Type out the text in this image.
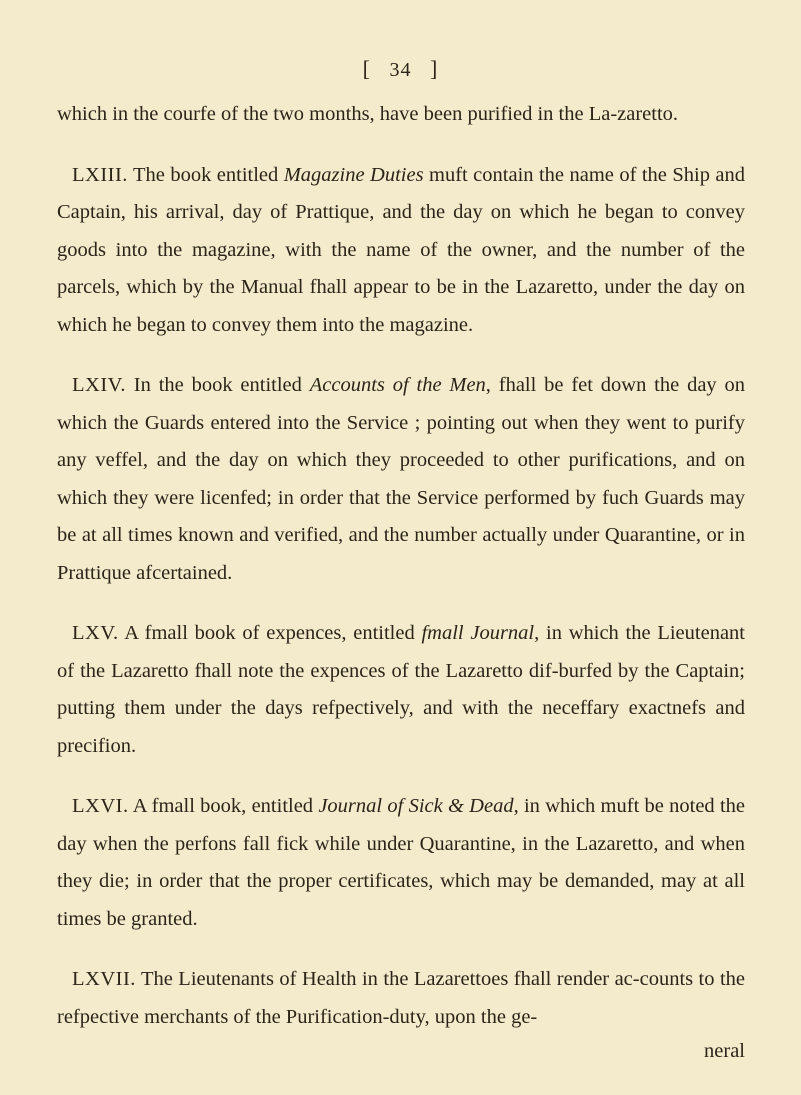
[ 34 ]

which in the courfe of the two months, have been purified in the La-zaretto.

LXIII. The book entitled Magazine Duties muft contain the name of the Ship and Captain, his arrival, day of Prattique, and the day on which he began to convey goods into the magazine, with the name of the owner, and the number of the parcels, which by the Manual fhall appear to be in the Lazaretto, under the day on which he began to convey them into the magazine.

LXIV. In the book entitled Accounts of the Men, fhall be fet down the day on which the Guards entered into the Service ; pointing out when they went to purify any veffel, and the day on which they proceeded to other purifications, and on which they were licenfed; in order that the Service performed by fuch Guards may be at all times known and verified, and the number actually under Quarantine, or in Prattique afcertained.

LXV. A fmall book of expences, entitled fmall Journal, in which the Lieutenant of the Lazaretto fhall note the expences of the Lazaretto dif-burfed by the Captain; putting them under the days refpectively, and with the neceffary exactnefs and precifion.

LXVI. A fmall book, entitled Journal of Sick & Dead, in which muft be noted the day when the perfons fall fick while under Quarantine, in the Lazaretto, and when they die; in order that the proper certificates, which may be demanded, may at all times be granted.

LXVII. The Lieutenants of Health in the Lazarettoes fhall render ac-counts to the refpective merchants of the Purification-duty, upon the ge-

neral
